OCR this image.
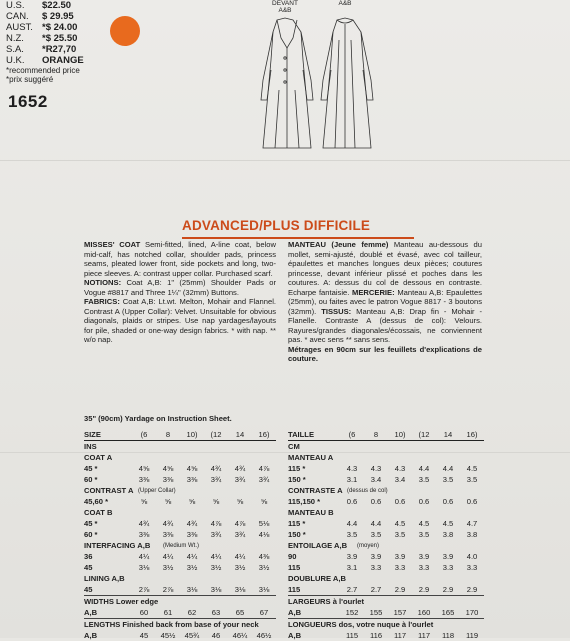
U.S.	$22.50
CAN.	$ 29.95
AUST. *$ 24.00
N.Z.	*$ 25.50
S.A.	*R27,70
U.K.	ORANGE
*recommended price
*prix suggéré
1652
DEVANT
A&B
A&B
ADVANCED/PLUS DIFFICILE
MISSES' COAT Semi-fitted, lined, A-line coat, below mid-calf, has notched collar, shoulder pads, princess seams, pleated lower front, side pockets and long, two-piece sleeves. A: contrast upper collar. Purchased scarf.
NOTIONS: Coat A,B: 1" (25mm) Shoulder Pads or Vogue #8817 and Three 1¼" (32mm) Buttons.
FABRICS: Coat A,B: Lt.wt. Melton, Mohair and Flannel. Contrast A (Upper Collar): Velvet. Unsuitable for obvious diagonals, plaids or stripes. Use nap yardages/layouts for pile, shaded or one-way design fabrics. * with nap. ** w/o nap.
35" (90cm) Yardage on Instruction Sheet.
MANTEAU (Jeune femme) Manteau au-dessous du mollet, semi-ajusté, doublé et évasé, avec col tailleur, épaulettes et manches longues deux pièces; coutures princesse, devant inférieur plissé et poches dans les coutures. A: dessus du col de dessous en contraste. Echarpe fantaisie. MERCERIE: Manteau A,B: Epaulettes (25mm), ou faites avec le patron Vogue 8817 - 3 boutons (32mm). TISSUS: Manteau A,B: Drap fin - Mohair - Flanelle. Contraste A (dessus de col): Velours. Rayures/grandes diagonales/écossais, ne conviennent pas. * avec sens ** sans sens.
Métrages en 90cm sur les feuillets d'explications de couture.
SIZE	(6	8	10)	(12	14	16)
INS
COAT A
45 *	4⅝	4⅝	4⅝	4¾	4¾	4⅞
60 *	3⅜	3⅜	3⅜	3¾	3¾	3¾
CONTRAST A (Upper Collar)
45,60 *	⅝	⅝	⅝	⅝	⅝	⅝
COAT B
45 *	4¾	4¾	4¾	4⅞	4⅞	5⅛
60 *	3⅜	3⅜	3⅜	3¾	3¾	4⅛
INTERFACING A,B	(Medium Wt.)
36	4¼	4¼	4¼	4¼	4¼	4⅜
45	3⅛	3½	3½	3½	3½	3½
LINING A,B
45	2⅞	2⅞	3⅛	3⅛	3⅛	3⅛
WIDTHS Lower edge
A,B	60	61	62	63	65	67
LENGTHS Finished back from base of your neck
A,B	45	45½	45¾	46	46¼	46½
TAILLE	(6	8	10)	(12	14	16)
CM
MANTEAU A
115 *	4.3	4.3	4.3	4.4	4.4	4.5
150 *	3.1	3.4	3.4	3.5	3.5	3.5
CONTRASTE A (dessus de col)
115,150 *	0.6	0.6	0.6	0.6	0.6	0.6
MANTEAU B
115 *	4.4	4.4	4.5	4.5	4.5	4.7
150 *	3.5	3.5	3.5	3.5	3.8	3.8
ENTOILAGE A,B	(moyen)
90	3.9	3.9	3.9	3.9	3.9	4.0
115	3.1	3.3	3.3	3.3	3.3	3.3
DOUBLURE A,B
115	2.7	2.7	2.9	2.9	2.9	2.9
LARGEURS à l'ourlet
A,B	152	155	157	160	165	170
LONGUEURS dos, votre nuque à l'ourlet
A,B	115	116	117	117	118	119
